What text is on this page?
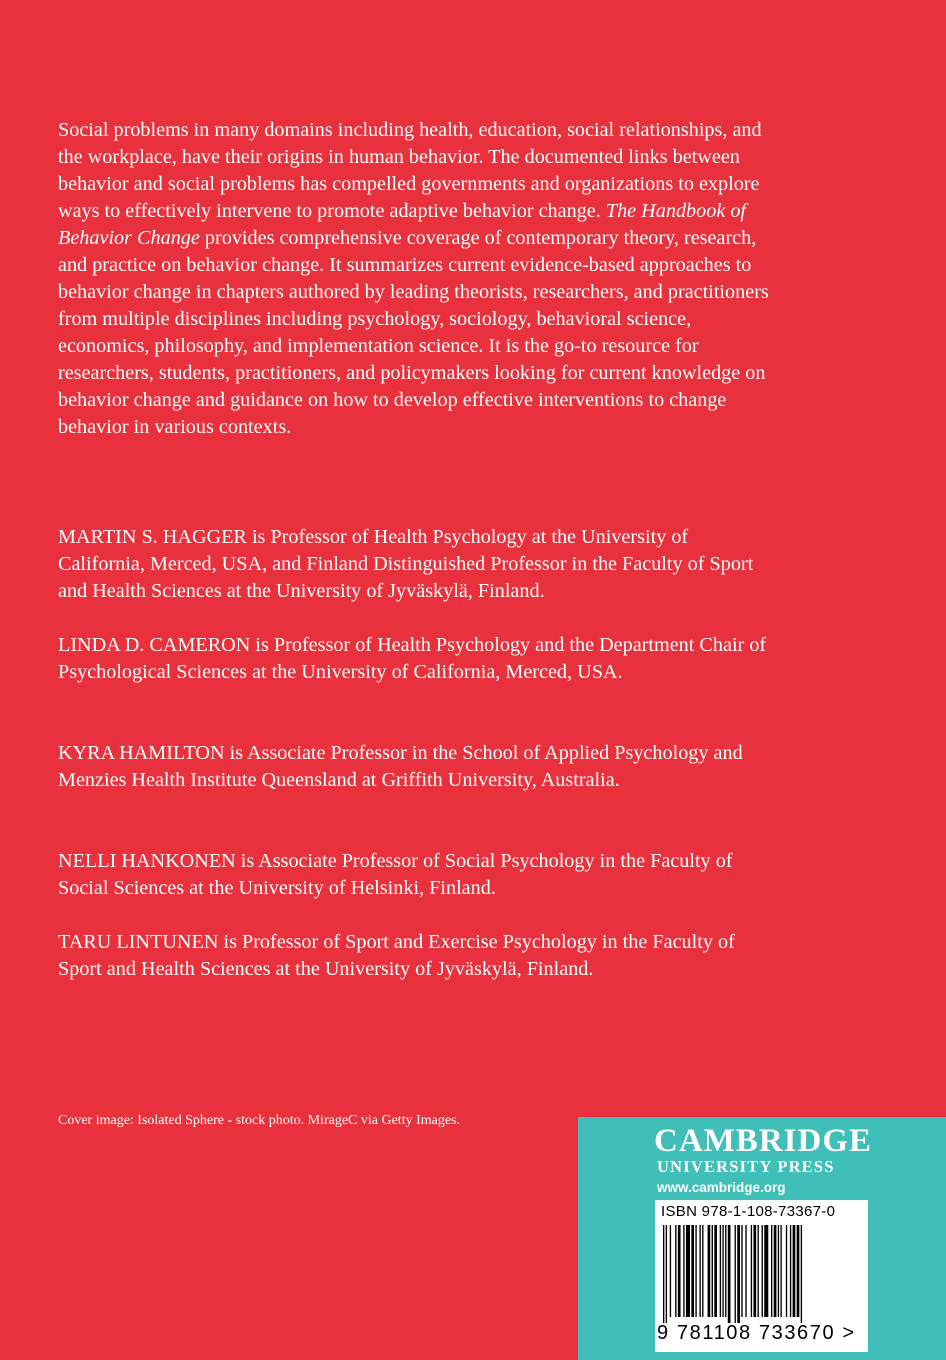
Social problems in many domains including health, education, social relationships, and the workplace, have their origins in human behavior. The documented links between behavior and social problems has compelled governments and organizations to explore ways to effectively intervene to promote adaptive behavior change. The Handbook of Behavior Change provides comprehensive coverage of contemporary theory, research, and practice on behavior change. It summarizes current evidence-based approaches to behavior change in chapters authored by leading theorists, researchers, and practitioners from multiple disciplines including psychology, sociology, behavioral science, economics, philosophy, and implementation science. It is the go-to resource for researchers, students, practitioners, and policymakers looking for current knowledge on behavior change and guidance on how to develop effective interventions to change behavior in various contexts.

MARTIN S. HAGGER is Professor of Health Psychology at the University of California, Merced, USA, and Finland Distinguished Professor in the Faculty of Sport and Health Sciences at the University of Jyväskylä, Finland.

LINDA D. CAMERON is Professor of Health Psychology and the Department Chair of Psychological Sciences at the University of California, Merced, USA.

KYRA HAMILTON is Associate Professor in the School of Applied Psychology and Menzies Health Institute Queensland at Griffith University, Australia.

NELLI HANKONEN is Associate Professor of Social Psychology in the Faculty of Social Sciences at the University of Helsinki, Finland.

TARU LINTUNEN is Professor of Sport and Exercise Psychology in the Faculty of Sport and Health Sciences at the University of Jyväskylä, Finland.

Cover image: Isolated Sphere - stock photo. MirageC via Getty Images.
CAMBRIDGE
UNIVERSITY PRESS
www.cambridge.org
ISBN 978-1-108-73367-0
9 781108 733670 >
